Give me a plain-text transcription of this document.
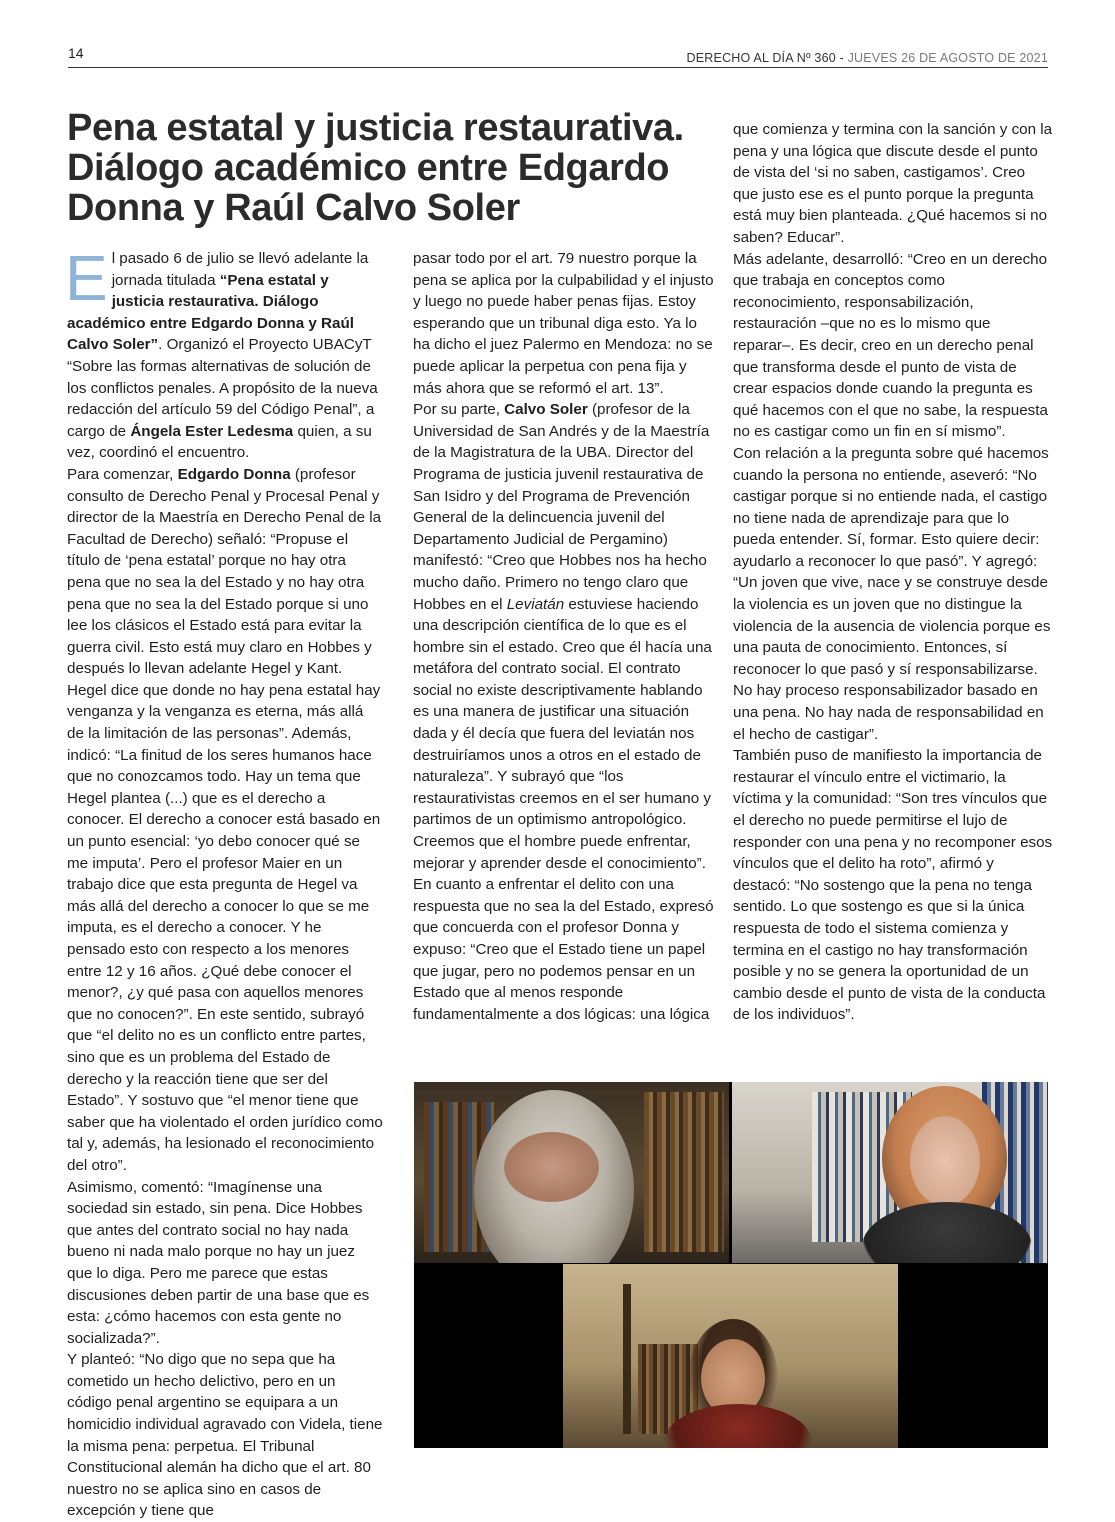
14	DERECHO AL DÍA Nº 360 - JUEVES 26 DE AGOSTO DE 2021
Pena estatal y justicia restaurativa. Diálogo académico entre Edgardo Donna y Raúl Calvo Soler

El pasado 6 de julio se llevó adelante la jornada titulada “Pena estatal y justicia restaurativa. Diálogo académico entre Edgardo Donna y Raúl Calvo Soler”. Organizó el Proyecto UBACyT “Sobre las formas alternativas de solución de los conflictos penales. A propósito de la nueva redacción del artículo 59 del Código Penal”, a cargo de Ángela Ester Ledesma quien, a su vez, coordinó el encuentro.

Para comenzar, Edgardo Donna (profesor consulto de Derecho Penal y Procesal Penal y director de la Maestría en Derecho Penal de la Facultad de Derecho) señaló: “Propuse el título de ‘pena estatal’ porque no hay otra pena que no sea la del Estado y no hay otra pena que no sea la del Estado porque si uno lee los clásicos el Estado está para evitar la guerra civil. Esto está muy claro en Hobbes y después lo llevan adelante Hegel y Kant. Hegel dice que donde no hay pena estatal hay venganza y la venganza es eterna, más allá de la limitación de las personas”. Además, indicó: “La finitud de los seres humanos hace que no conozcamos todo. Hay un tema que Hegel plantea (...) que es el derecho a conocer. El derecho a conocer está basado en un punto esencial: ‘yo debo conocer qué se me imputa’. Pero el profesor Maier en un trabajo dice que esta pregunta de Hegel va más allá del derecho a conocer lo que se me imputa, es el derecho a conocer. Y he pensado esto con respecto a los menores entre 12 y 16 años. ¿Qué debe conocer el menor?, ¿y qué pasa con aquellos menores que no conocen?”. En este sentido, subrayó que “el delito no es un conflicto entre partes, sino que es un problema del Estado de derecho y la reacción tiene que ser del Estado”. Y sostuvo que “el menor tiene que saber que ha violentado el orden jurídico como tal y, además, ha lesionado el reconocimiento del otro”.

Asimismo, comentó: “Imagínense una sociedad sin estado, sin pena. Dice Hobbes que antes del contrato social no hay nada bueno ni nada malo porque no hay un juez que lo diga. Pero me parece que estas discusiones deben partir de una base que es esta: ¿cómo hacemos con esta gente no socializada?”.

Y planteó: “No digo que no sepa que ha cometido un hecho delictivo, pero en un código penal argentino se equipara a un homicidio individual agravado con Videla, tiene la misma pena: perpetua. El Tribunal Constitucional alemán ha dicho que el art. 80 nuestro no se aplica sino en casos de excepción y tiene que

pasar todo por el art. 79 nuestro porque la pena se aplica por la culpabilidad y el injusto y luego no puede haber penas fijas. Estoy esperando que un tribunal diga esto. Ya lo ha dicho el juez Palermo en Mendoza: no se puede aplicar la perpetua con pena fija y más ahora que se reformó el art. 13”.

Por su parte, Calvo Soler (profesor de la Universidad de San Andrés y de la Maestría de la Magistratura de la UBA. Director del Programa de justicia juvenil restaurativa de San Isidro y del Programa de Prevención General de la delincuencia juvenil del Departamento Judicial de Pergamino) manifestó: “Creo que Hobbes nos ha hecho mucho daño. Primero no tengo claro que Hobbes en el Leviatán estuviese haciendo una descripción científica de lo que es el hombre sin el estado. Creo que él hacía una metáfora del contrato social. El contrato social no existe descriptivamente hablando es una manera de justificar una situación dada y él decía que fuera del leviatán nos destruiríamos unos a otros en el estado de naturaleza”. Y subrayó que “los restaurativistas creemos en el ser humano y partimos de un optimismo antropológico. Creemos que el hombre puede enfrentar, mejorar y aprender desde el conocimiento”.

En cuanto a enfrentar el delito con una respuesta que no sea la del Estado, expresó que concuerda con el profesor Donna y expuso: “Creo que el Estado tiene un papel que jugar, pero no podemos pensar en un Estado que al menos responde fundamentalmente a dos lógicas: una lógica

que comienza y termina con la sanción y con la pena y una lógica que discute desde el punto de vista del ‘si no saben, castigamos’. Creo que justo ese es el punto porque la pregunta está muy bien planteada. ¿Qué hacemos si no saben? Educar”.

Más adelante, desarrolló: “Creo en un derecho que trabaja en conceptos como reconocimiento, responsabilización, restauración –que no es lo mismo que reparar–. Es decir, creo en un derecho penal que transforma desde el punto de vista de crear espacios donde cuando la pregunta es qué hacemos con el que no sabe, la respuesta no es castigar como un fin en sí mismo”.

Con relación a la pregunta sobre qué hacemos cuando la persona no entiende, aseveró: “No castigar porque si no entiende nada, el castigo no tiene nada de aprendizaje para que lo pueda entender. Sí, formar. Esto quiere decir: ayudarlo a reconocer lo que pasó”. Y agregó: “Un joven que vive, nace y se construye desde la violencia es un joven que no distingue la violencia de la ausencia de violencia porque es una pauta de conocimiento. Entonces, sí reconocer lo que pasó y sí responsabilizarse. No hay proceso responsabilizador basado en una pena. No hay nada de responsabilidad en el hecho de castigar”.

También puso de manifiesto la importancia de restaurar el vínculo entre el victimario, la víctima y la comunidad: “Son tres vínculos que el derecho no puede permitirse el lujo de responder con una pena y no recomponer esos vínculos que el delito ha roto”, afirmó y destacó: “No sostengo que la pena no tenga sentido. Lo que sostengo es que si la única respuesta de todo el sistema comienza y termina en el castigo no hay transformación posible y no se genera la oportunidad de un cambio desde el punto de vista de la conducta de los individuos”.
